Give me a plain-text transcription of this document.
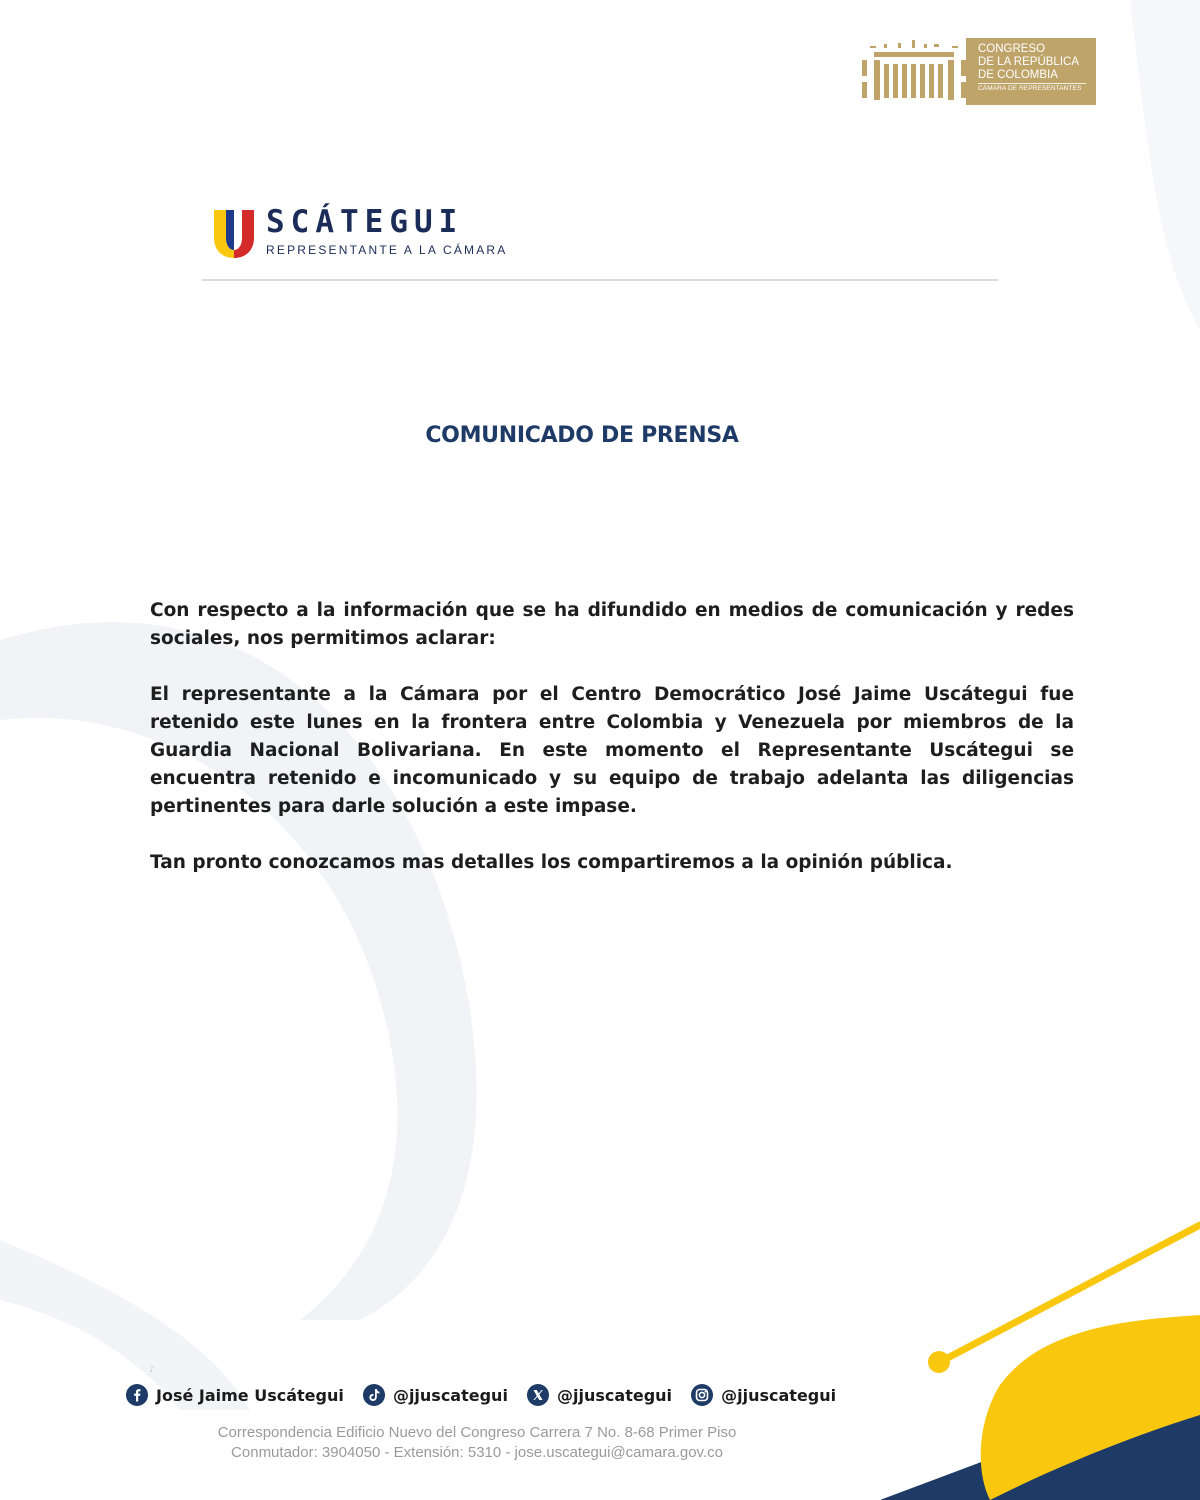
CONGRESO
DE LA REPÚBLICA
DE COLOMBIA
CÁMARA DE REPRESENTANTES
SCÁTEGUI
REPRESENTANTE A LA CÁMARA
COMUNICADO DE PRENSA

Con respecto a la información que se ha difundido en medios de comunicación y redes sociales, nos permitimos aclarar:

El representante a la Cámara por el Centro Democrático José Jaime Uscátegui fue retenido este lunes en la frontera entre Colombia y Venezuela por miembros de la Guardia Nacional Bolivariana. En este momento el Representante Uscátegui se encuentra retenido e incomunicado y su equipo de trabajo adelanta las diligencias pertinentes para darle solución a este impase.

Tan pronto conozcamos mas detalles los compartiremos a la opinión pública.

♪
José Jaime Uscátegui	@jjuscategui	@jjuscategui	@jjuscategui
Correspondencia Edificio Nuevo del Congreso Carrera 7 No. 8-68 Primer Piso
Conmutador: 3904050 - Extensión: 5310 - jose.uscategui@camara.gov.co
